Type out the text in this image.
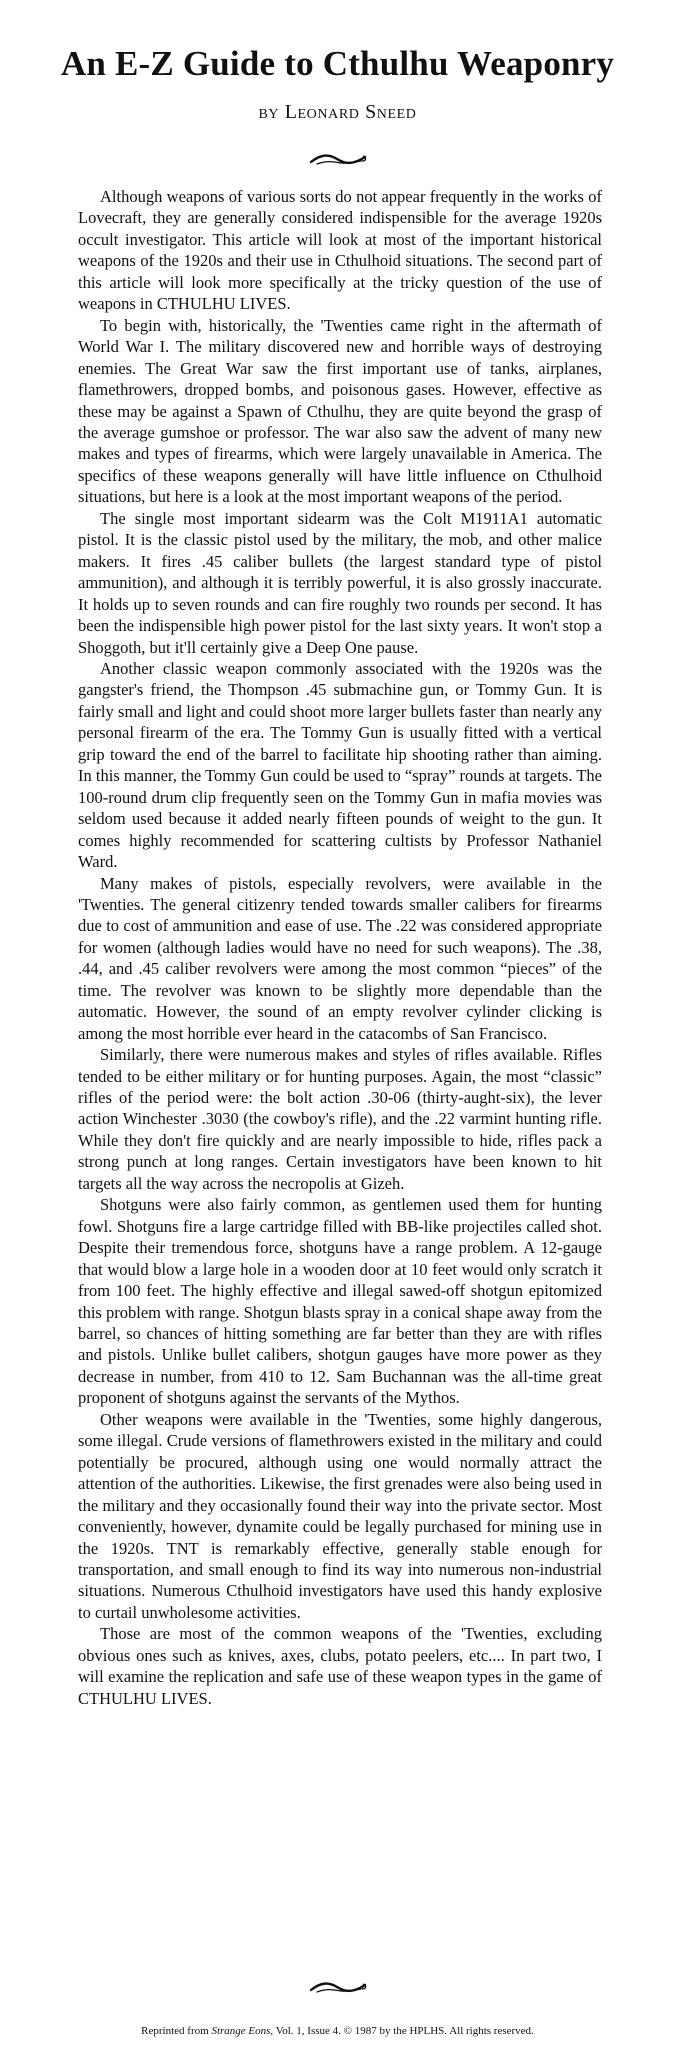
An E-Z Guide to Cthulhu Weaponry
by Leonard Sneed

Although weapons of various sorts do not appear frequently in the works of Lovecraft, they are generally considered indispensible for the average 1920s occult investigator. This article will look at most of the important historical weapons of the 1920s and their use in Cthulhoid situations. The second part of this article will look more specifically at the tricky question of the use of weapons in CTHULHU LIVES.

To begin with, historically, the 'Twenties came right in the aftermath of World War I. The military discovered new and horrible ways of destroying enemies. The Great War saw the first important use of tanks, airplanes, flamethrowers, dropped bombs, and poisonous gases. However, effective as these may be against a Spawn of Cthulhu, they are quite beyond the grasp of the average gumshoe or professor. The war also saw the advent of many new makes and types of firearms, which were largely unavailable in America. The specifics of these weapons generally will have little influence on Cthulhoid situations, but here is a look at the most important weapons of the period.

The single most important sidearm was the Colt M1911A1 automatic pistol. It is the classic pistol used by the military, the mob, and other malice makers. It fires .45 caliber bullets (the largest standard type of pistol ammunition), and although it is terribly powerful, it is also grossly inaccurate. It holds up to seven rounds and can fire roughly two rounds per second. It has been the indispensible high power pistol for the last sixty years. It won't stop a Shoggoth, but it'll certainly give a Deep One pause.

Another classic weapon commonly associated with the 1920s was the gangster's friend, the Thompson .45 submachine gun, or Tommy Gun. It is fairly small and light and could shoot more larger bullets faster than nearly any personal firearm of the era. The Tommy Gun is usually fitted with a vertical grip toward the end of the barrel to facilitate hip shooting rather than aiming. In this manner, the Tommy Gun could be used to “spray” rounds at targets. The 100-round drum clip frequently seen on the Tommy Gun in mafia movies was seldom used because it added nearly fifteen pounds of weight to the gun. It comes highly recommended for scattering cultists by Professor Nathaniel Ward.

Many makes of pistols, especially revolvers, were available in the 'Twenties. The general citizenry tended towards smaller calibers for firearms due to cost of ammunition and ease of use. The .22 was considered appropriate for women (although ladies would have no need for such weapons). The .38, .44, and .45 caliber revolvers were among the most common “pieces” of the time. The revolver was known to be slightly more dependable than the automatic. However, the sound of an empty revolver cylinder clicking is among the most horrible ever heard in the catacombs of San Francisco.

Similarly, there were numerous makes and styles of rifles available. Rifles tended to be either military or for hunting purposes. Again, the most “classic” rifles of the period were: the bolt action .30-06 (thirty-aught-six), the lever action Winchester .3030 (the cowboy's rifle), and the .22 varmint hunting rifle. While they don't fire quickly and are nearly impossible to hide, rifles pack a strong punch at long ranges. Certain investigators have been known to hit targets all the way across the necropolis at Gizeh.

Shotguns were also fairly common, as gentlemen used them for hunting fowl. Shotguns fire a large cartridge filled with BB-like projectiles called shot. Despite their tremendous force, shotguns have a range problem. A 12-gauge that would blow a large hole in a wooden door at 10 feet would only scratch it from 100 feet. The highly effective and illegal sawed-off shotgun epitomized this problem with range. Shotgun blasts spray in a conical shape away from the barrel, so chances of hitting something are far better than they are with rifles and pistols. Unlike bullet calibers, shotgun gauges have more power as they decrease in number, from 410 to 12. Sam Buchannan was the all-time great proponent of shotguns against the servants of the Mythos.

Other weapons were available in the 'Twenties, some highly dangerous, some illegal. Crude versions of flamethrowers existed in the military and could potentially be procured, although using one would normally attract the attention of the authorities. Likewise, the first grenades were also being used in the military and they occasionally found their way into the private sector. Most conveniently, however, dynamite could be legally purchased for mining use in the 1920s. TNT is remarkably effective, generally stable enough for transportation, and small enough to find its way into numerous non-industrial situations. Numerous Cthulhoid investigators have used this handy explosive to curtail unwholesome activities.

Those are most of the common weapons of the 'Twenties, excluding obvious ones such as knives, axes, clubs, potato peelers, etc.... In part two, I will examine the replication and safe use of these weapon types in the game of CTHULHU LIVES.

Reprinted from Strange Eons, Vol. 1, Issue 4. © 1987 by the HPLHS. All rights reserved.
